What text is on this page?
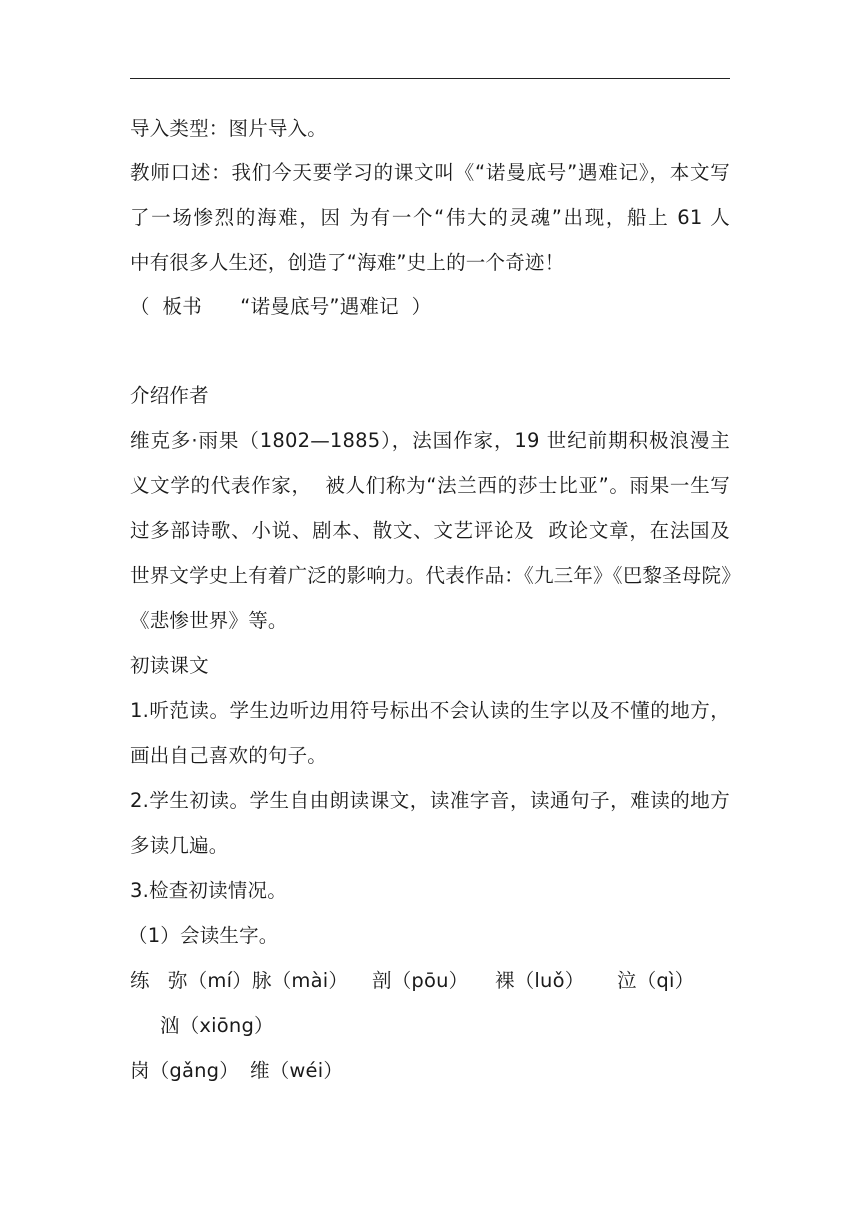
导入类型：图片导入。
教师口述：我们今天要学习的课文叫《“诺曼底号”遇难记》，本文写
了一场惨烈的海难，因 为有一个“伟大的灵魂”出现，船上 61 人
中有很多人生还，创造了“海难”史上的一个奇迹！
（  板书      “诺曼底号”遇难记  ）
介绍作者
维克多·雨果（1802—1885），法国作家，19 世纪前期积极浪漫主
义文学的代表作家，  被人们称为“法兰西的莎士比亚”。雨果一生写
过多部诗歌、小说、剧本、散文、文艺评论及  政论文章，在法国及
世界文学史上有着广泛的影响力。代表作品：《九三年》《巴黎圣母院》
《悲惨世界》等。
初读课文
1.听范读。学生边听边用符号标出不会认读的生字以及不懂的地方，
画出自己喜欢的句子。
2.学生初读。学生自由朗读课文，读准字音，读通句子，难读的地方
多读几遍。
3.检查初读情况。
（1）会读生字。
练 弥（mí）脉（mài） 剖（pōu） 裸（luǒ） 泣（qì）
汹（xiōng）
岗（gǎng） 维（wéi）
